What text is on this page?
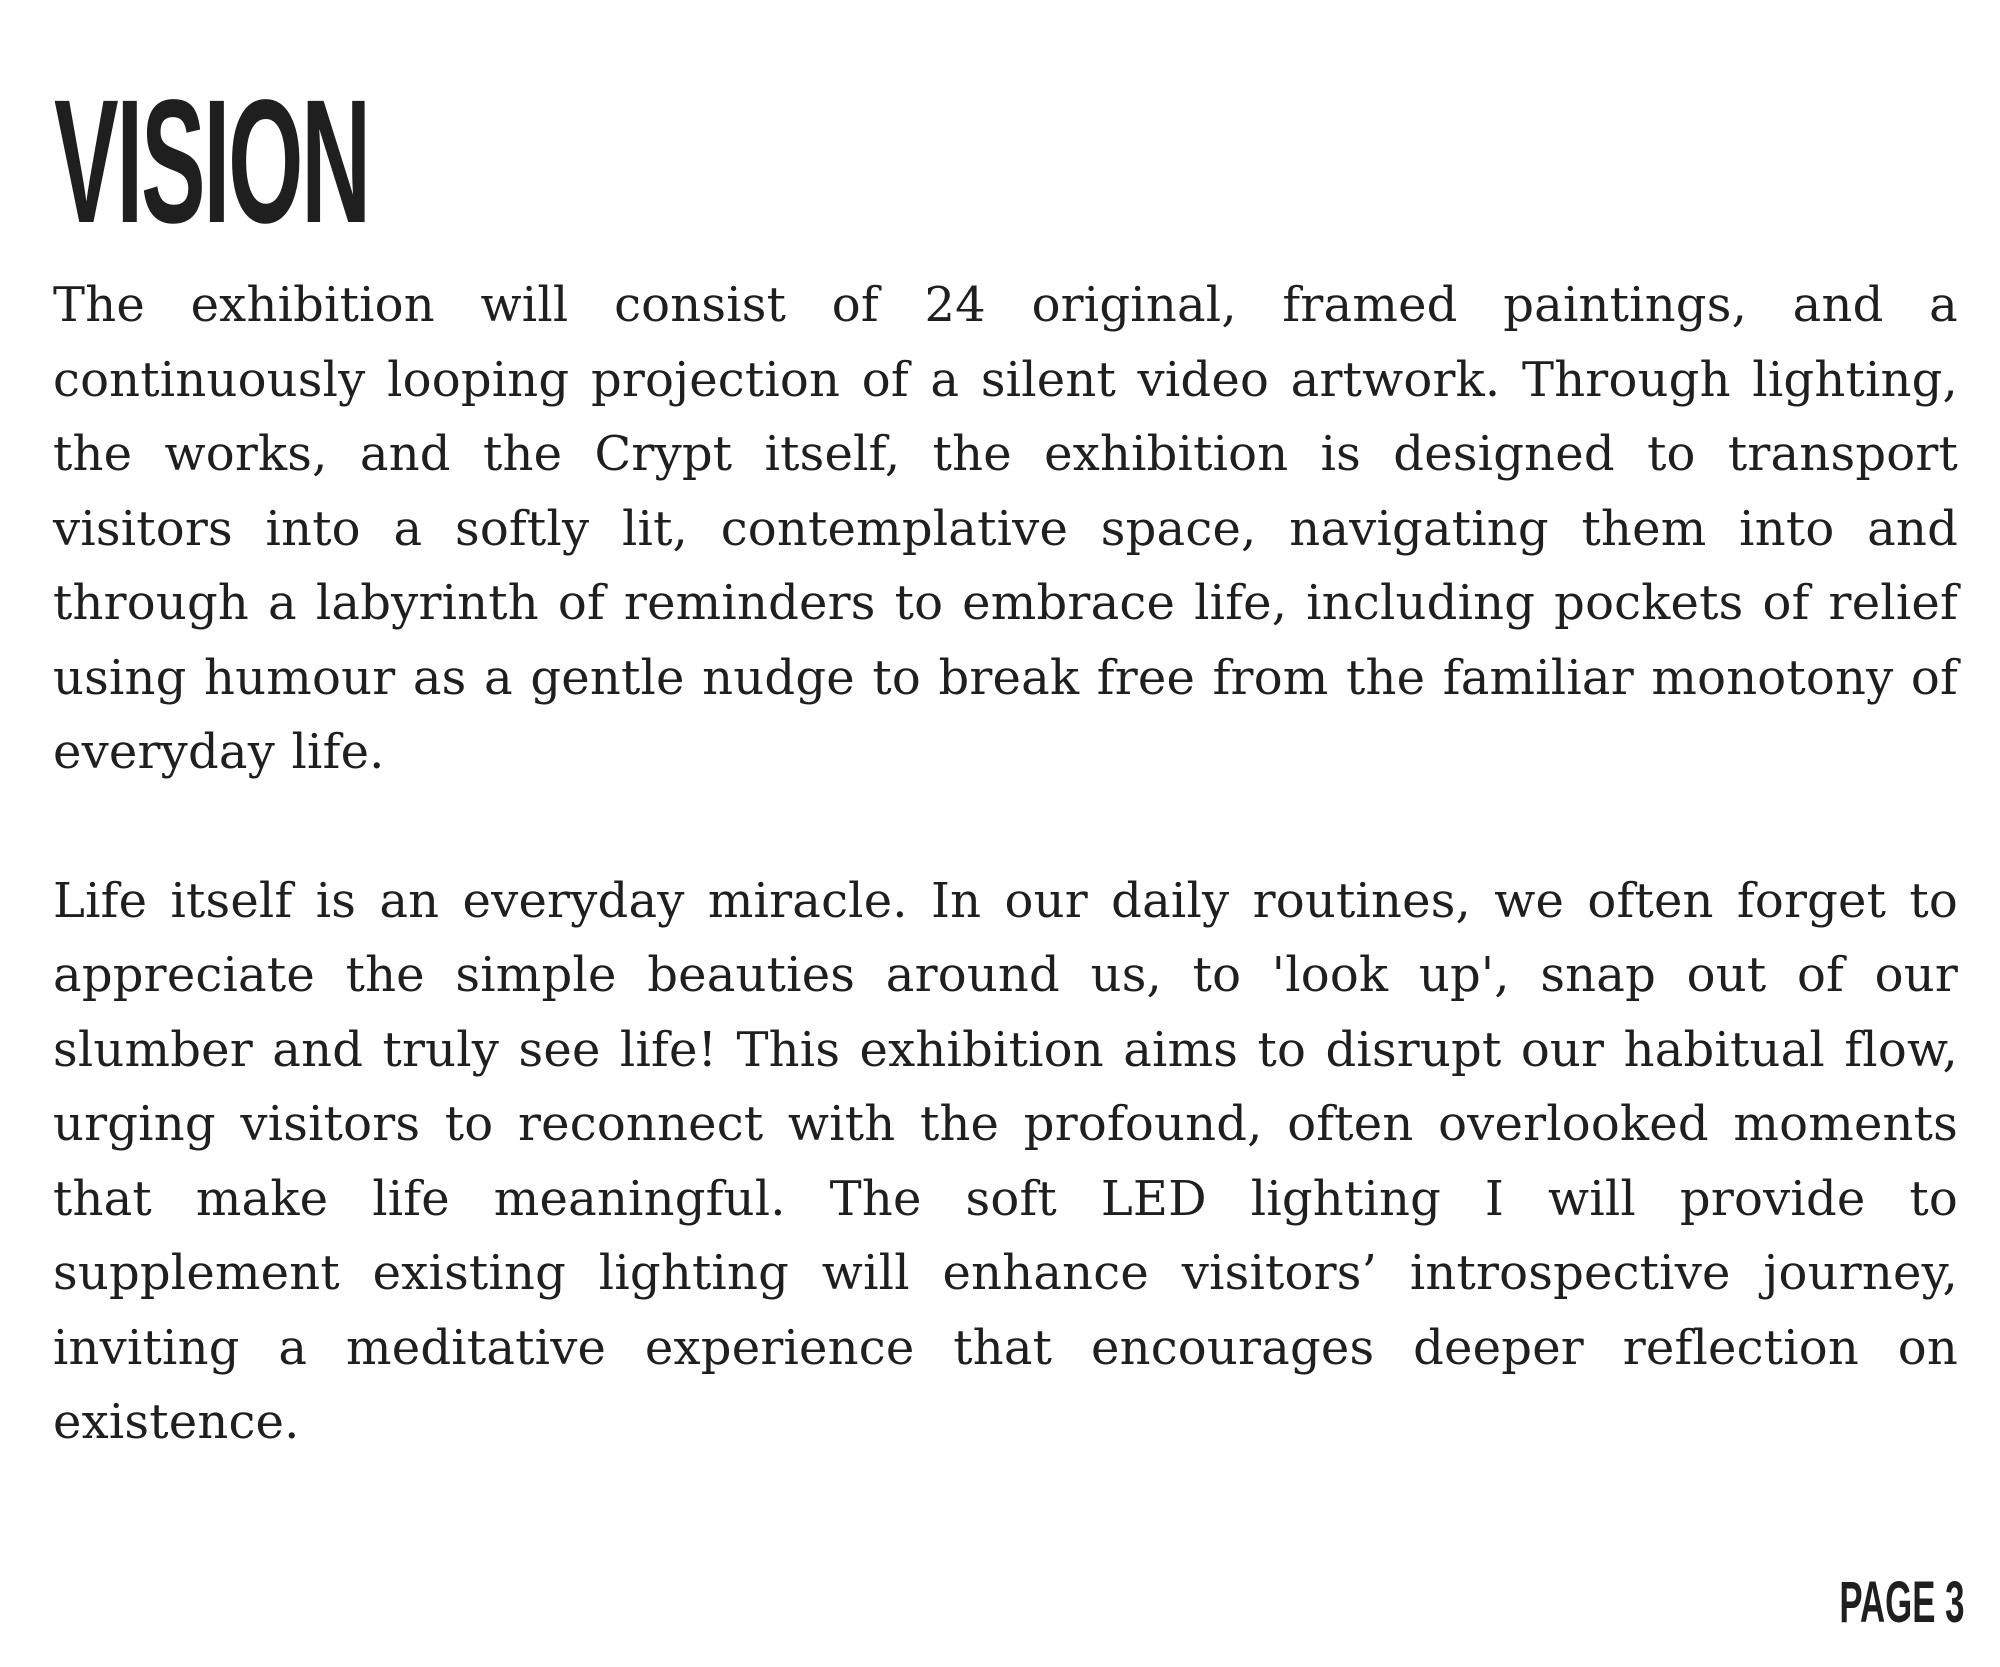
VISION

The exhibition will consist of 24 original, framed paintings, and a continuously looping projection of a silent video artwork. Through lighting, the works, and the Crypt itself, the exhibition is designed to transport visitors into a softly lit, contemplative space, navigating them into and through a labyrinth of reminders to embrace life, including pockets of relief using humour as a gentle nudge to break free from the familiar monotony of everyday life.

Life itself is an everyday miracle. In our daily routines, we often forget to appreciate the simple beauties around us, to 'look up', snap out of our slumber and truly see life! This exhibition aims to disrupt our habitual flow, urging visitors to reconnect with the profound, often overlooked moments that make life meaningful. The soft LED lighting I will provide to supplement existing lighting will enhance visitors’ introspective journey, inviting a meditative experience that encourages deeper reflection on existence.

PAGE 3
